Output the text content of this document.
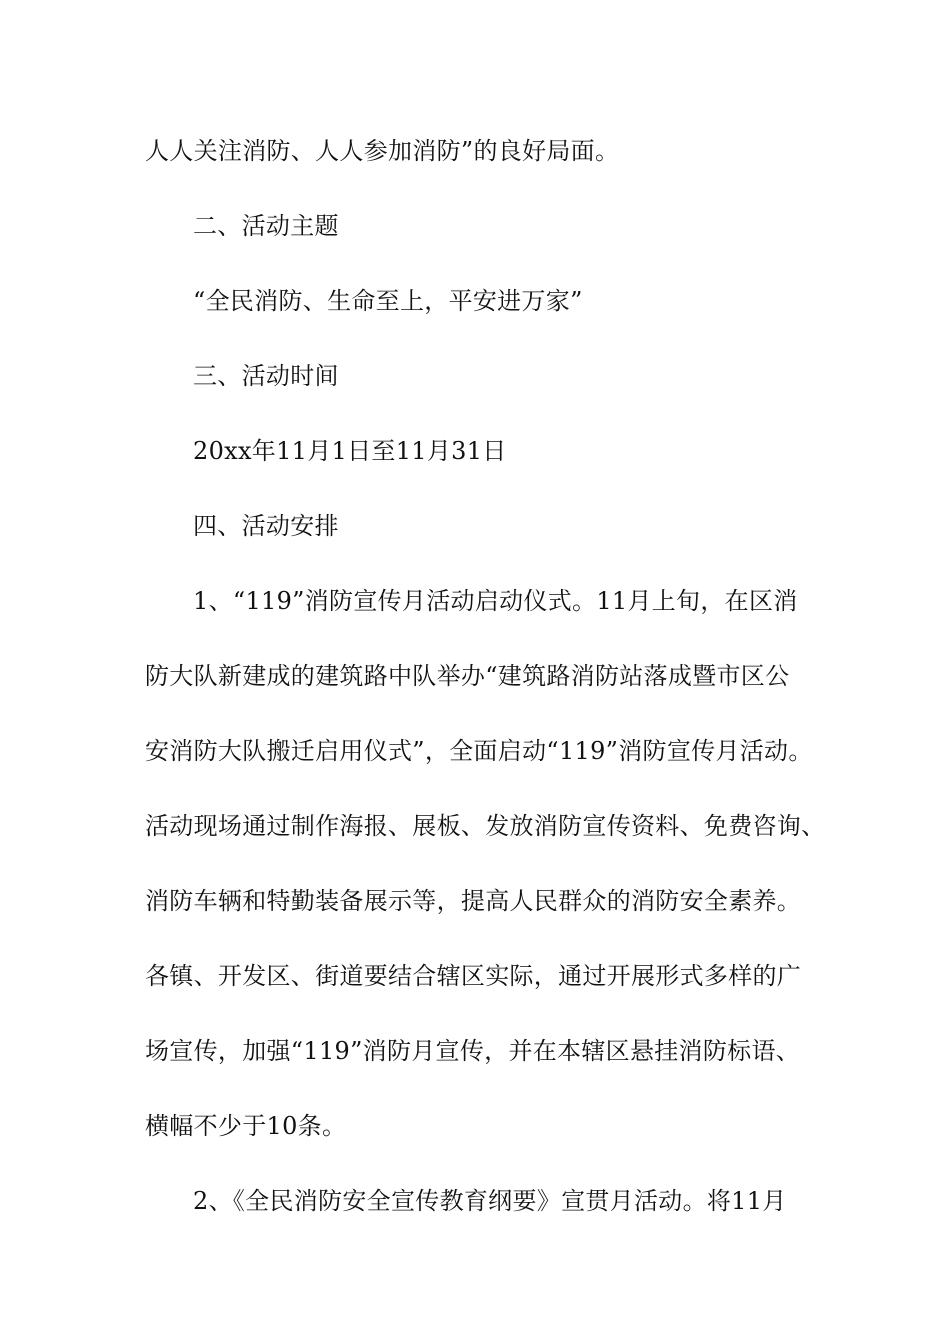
人人关注消防、人人参加消防”的良好局面。
二、活动主题
“全民消防、生命至上，平安进万家”
三、活动时间
20xx年11月1日至11月31日
四、活动安排
1、“119”消防宣传月活动启动仪式。11月上旬，在区消
防大队新建成的建筑路中队举办“建筑路消防站落成暨市区公
安消防大队搬迁启用仪式”，全面启动“119”消防宣传月活动。
活动现场通过制作海报、展板、发放消防宣传资料、免费咨询、
消防车辆和特勤装备展示等，提高人民群众的消防安全素养。
各镇、开发区、街道要结合辖区实际，通过开展形式多样的广
场宣传，加强“119”消防月宣传，并在本辖区悬挂消防标语、
横幅不少于10条。
2、《全民消防安全宣传教育纲要》宣贯月活动。将11月
